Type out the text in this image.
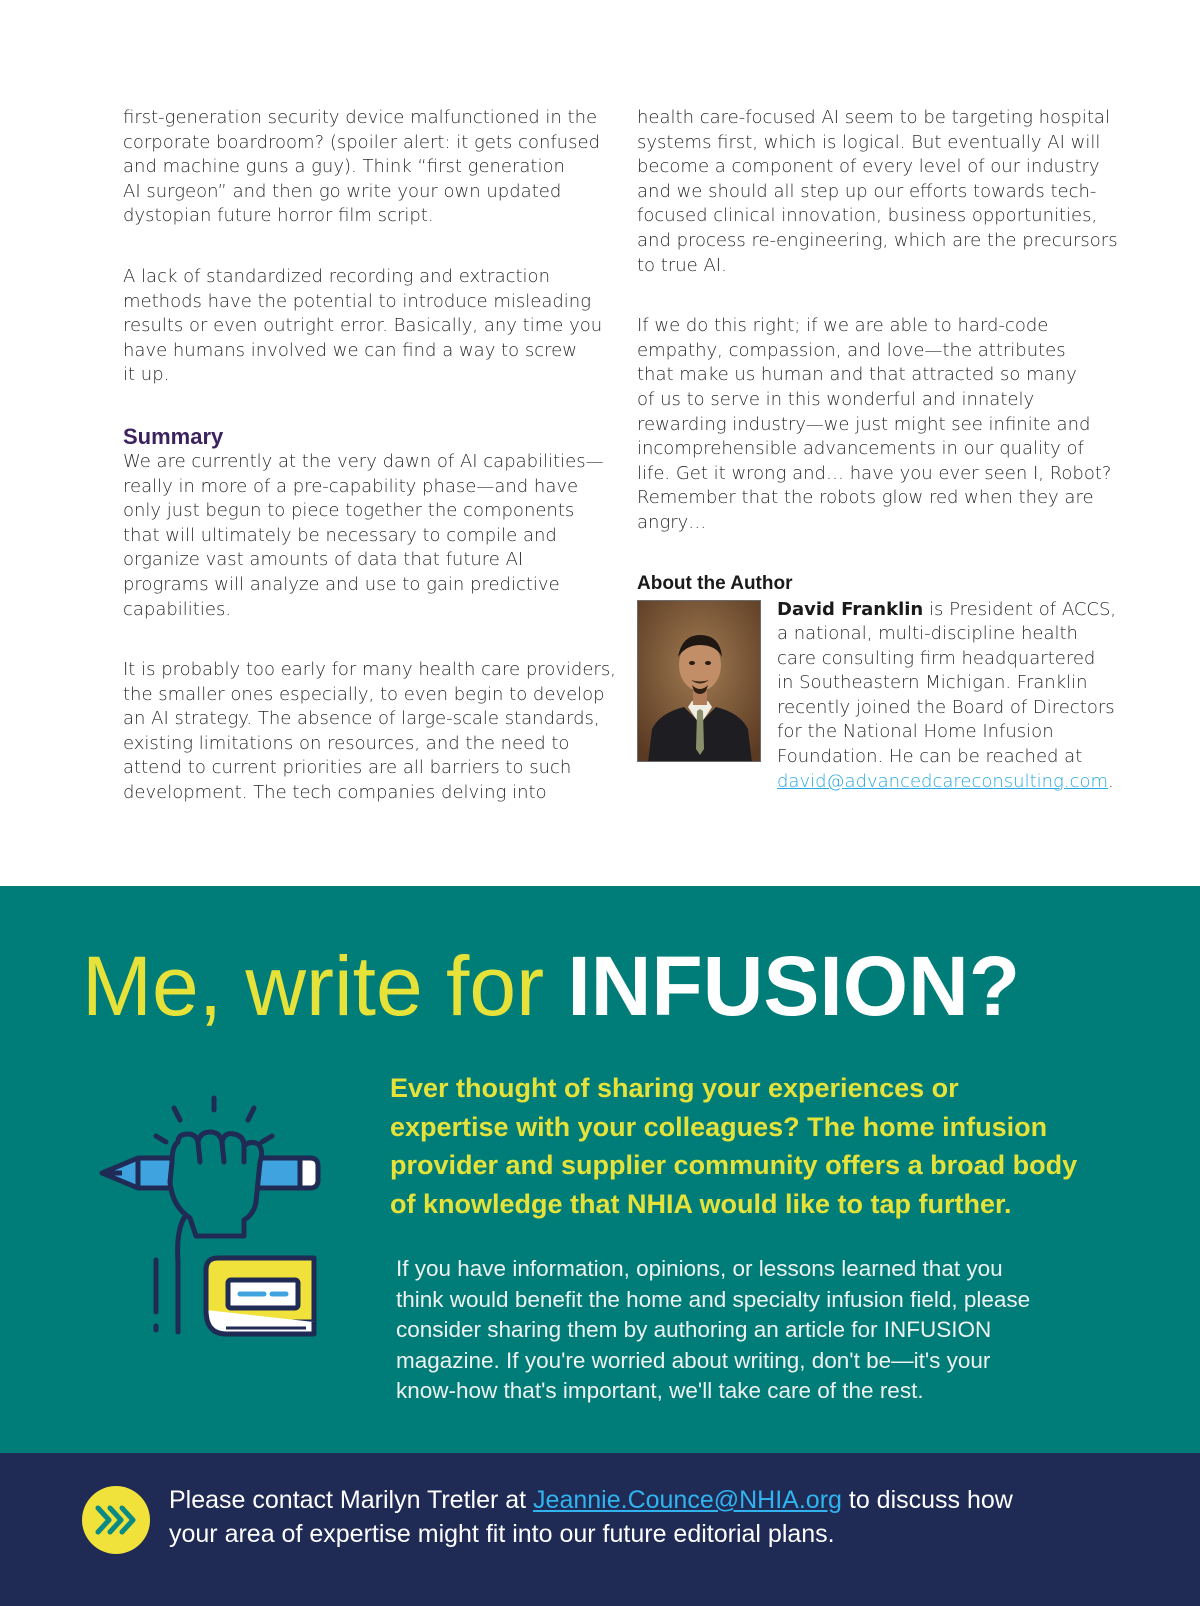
first-generation security device malfunctioned in the
corporate boardroom? (spoiler alert: it gets confused
and machine guns a guy). Think “first generation
AI surgeon” and then go write your own updated
dystopian future horror film script.

A lack of standardized recording and extraction
methods have the potential to introduce misleading
results or even outright error. Basically, any time you
have humans involved we can find a way to screw
it up.

Summary

We are currently at the very dawn of AI capabilities—
really in more of a pre-capability phase—and have
only just begun to piece together the components
that will ultimately be necessary to compile and
organize vast amounts of data that future AI
programs will analyze and use to gain predictive
capabilities.

It is probably too early for many health care providers,
the smaller ones especially, to even begin to develop
an AI strategy. The absence of large-scale standards,
existing limitations on resources, and the need to
attend to current priorities are all barriers to such
development. The tech companies delving into

health care-focused AI seem to be targeting hospital
systems first, which is logical. But eventually AI will
become a component of every level of our industry
and we should all step up our efforts towards tech-
focused clinical innovation, business opportunities,
and process re-engineering, which are the precursors
to true AI.

If we do this right; if we are able to hard-code
empathy, compassion, and love—the attributes
that make us human and that attracted so many
of us to serve in this wonderful and innately
rewarding industry—we just might see infinite and
incomprehensible advancements in our quality of
life. Get it wrong and… have you ever seen I, Robot?
Remember that the robots glow red when they are
angry…

About the Author
David Franklin is President of ACCS,
a national, multi-discipline health
care consulting firm headquartered
in Southeastern Michigan. Franklin
recently joined the Board of Directors
for the National Home Infusion
Foundation. He can be reached at
david@advancedcareconsulting.com.
Me, write for INFUSION?

Ever thought of sharing your experiences or
expertise with your colleagues? The home infusion
provider and supplier community offers a broad body
of knowledge that NHIA would like to tap further.

If you have information, opinions, or lessons learned that you
think would benefit the home and specialty infusion field, please
consider sharing them by authoring an article for INFUSION
magazine. If you're worried about writing, don't be—it's your
know-how that's important, we'll take care of the rest.

Please contact Marilyn Tretler at Jeannie.Counce@NHIA.org to discuss how
your area of expertise might fit into our future editorial plans.
